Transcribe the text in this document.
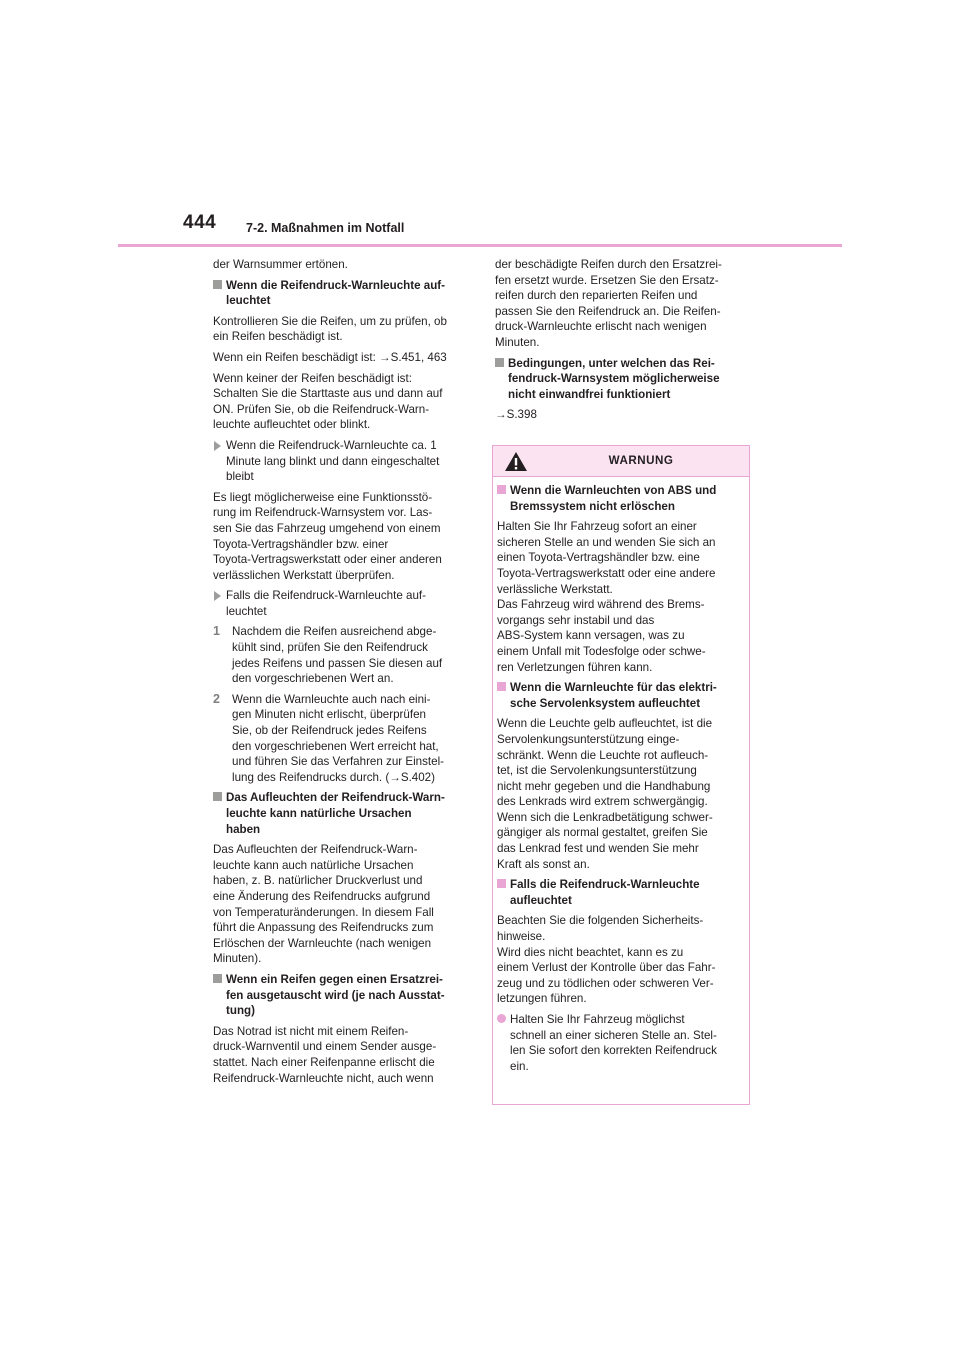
444 7-2. Maßnahmen im Notfall

der Warnsummer ertönen.

Wenn die Reifendruck-Warnleuchte auf-
leuchtet

Kontrollieren Sie die Reifen, um zu prüfen, ob
ein Reifen beschädigt ist.

Wenn ein Reifen beschädigt ist: →S.451, 463

Wenn keiner der Reifen beschädigt ist:
Schalten Sie die Starttaste aus und dann auf
ON. Prüfen Sie, ob die Reifendruck-Warn-
leuchte aufleuchtet oder blinkt.

Wenn die Reifendruck-Warnleuchte ca. 1
Minute lang blinkt und dann eingeschaltet
bleibt

Es liegt möglicherweise eine Funktionsstö-
rung im Reifendruck-Warnsystem vor. Las-
sen Sie das Fahrzeug umgehend von einem
Toyota-Vertragshändler bzw. einer
Toyota-Vertragswerkstatt oder einer anderen
verlässlichen Werkstatt überprüfen.

Falls die Reifendruck-Warnleuchte auf-
leuchtet
1 Nachdem die Reifen ausreichend abge-
kühlt sind, prüfen Sie den Reifendruck
jedes Reifens und passen Sie diesen auf
den vorgeschriebenen Wert an.
2 Wenn die Warnleuchte auch nach eini-
gen Minuten nicht erlischt, überprüfen
Sie, ob der Reifendruck jedes Reifens
den vorgeschriebenen Wert erreicht hat,
und führen Sie das Verfahren zur Einstel-
lung des Reifendrucks durch. (→S.402)
Das Aufleuchten der Reifendruck-Warn-
leuchte kann natürliche Ursachen
haben

Das Aufleuchten der Reifendruck-Warn-
leuchte kann auch natürliche Ursachen
haben, z. B. natürlicher Druckverlust und
eine Änderung des Reifendrucks aufgrund
von Temperaturänderungen. In diesem Fall
führt die Anpassung des Reifendrucks zum
Erlöschen der Warnleuchte (nach wenigen
Minuten).

Wenn ein Reifen gegen einen Ersatzrei-
fen ausgetauscht wird (je nach Ausstat-
tung)

Das Notrad ist nicht mit einem Reifen-
druck-Warnventil und einem Sender ausge-
stattet. Nach einer Reifenpanne erlischt die
Reifendruck-Warnleuchte nicht, auch wenn

der beschädigte Reifen durch den Ersatzrei-
fen ersetzt wurde. Ersetzen Sie den Ersatz-
reifen durch den reparierten Reifen und
passen Sie den Reifendruck an. Die Reifen-
druck-Warnleuchte erlischt nach wenigen
Minuten.

Bedingungen, unter welchen das Rei-
fendruck-Warnsystem möglicherweise
nicht einwandfrei funktioniert

→S.398

WARNUNG
Wenn die Warnleuchten von ABS und
Bremssystem nicht erlöschen

Halten Sie Ihr Fahrzeug sofort an einer
sicheren Stelle an und wenden Sie sich an
einen Toyota-Vertragshändler bzw. eine
Toyota-Vertragswerkstatt oder eine andere
verlässliche Werkstatt.
Das Fahrzeug wird während des Brems-
vorgangs sehr instabil und das
ABS-System kann versagen, was zu
einem Unfall mit Todesfolge oder schwe-
ren Verletzungen führen kann.

Wenn die Warnleuchte für das elektri-
sche Servolenksystem aufleuchtet

Wenn die Leuchte gelb aufleuchtet, ist die
Servolenkungsunterstützung einge-
schränkt. Wenn die Leuchte rot aufleuch-
tet, ist die Servolenkungsunterstützung
nicht mehr gegeben und die Handhabung
des Lenkrads wird extrem schwergängig.
Wenn sich die Lenkradbetätigung schwer-
gängiger als normal gestaltet, greifen Sie
das Lenkrad fest und wenden Sie mehr
Kraft als sonst an.

Falls die Reifendruck-Warnleuchte
aufleuchtet

Beachten Sie die folgenden Sicherheits-
hinweise.
Wird dies nicht beachtet, kann es zu
einem Verlust der Kontrolle über das Fahr-
zeug und zu tödlichen oder schweren Ver-
letzungen führen.

Halten Sie Ihr Fahrzeug möglichst
schnell an einer sicheren Stelle an. Stel-
len Sie sofort den korrekten Reifendruck
ein.
